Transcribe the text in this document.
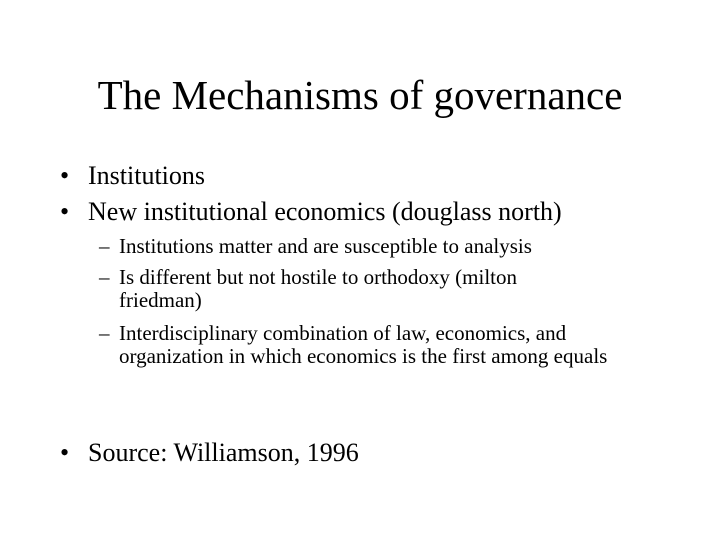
The Mechanisms of governance
• Institutions
• New institutional economics (douglass north)
– Institutions matter and are susceptible to analysis
– Is different but not hostile to orthodoxy (milton friedman)
– Interdisciplinary combination of law, economics, and organization in which economics is the first among equals
• Source: Williamson, 1996
